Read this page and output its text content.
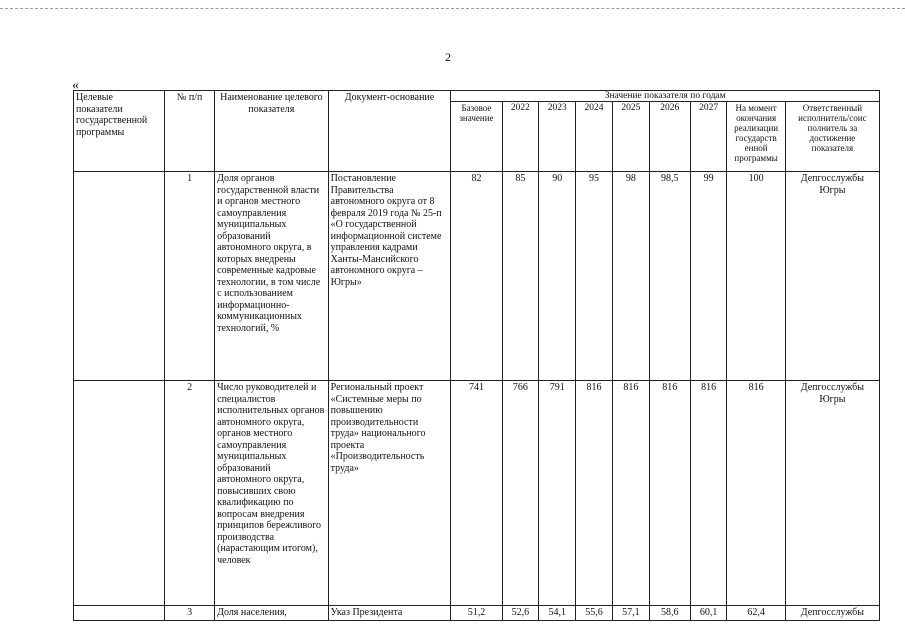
2
«
Целевые показатели государственной программы	№ п/п	Наименование целевого показателя	Документ-основание	Значение показателя по годам								
				Базовое значение	2022	2023	2024	2025	2026	2027	На момент окончания реализации государств енной программы	Ответственный исполнитель/соис полнитель за достижение показателя
	1	Доля органов государственной власти и органов местного самоуправления муниципальных образований автономного округа, в которых внедрены современные кадровые технологии, в том числе с использованием информационно-коммуникационных технологий, %	Постановление Правительства автономного округа от 8 февраля 2019 года № 25-п «О государственной информационной системе управления кадрами Ханты-Мансийского автономного округа – Югры»	82	85	90	95	98	98,5	99	100	Депгосслужбы Югры
	2	Число руководителей и специалистов исполнительных органов автономного округа, органов местного самоуправления муниципальных образований автономного округа, повысивших свою квалификацию по вопросам внедрения принципов бережливого производства (нарастающим итогом), человек	Региональный проект «Системные меры по повышению производительности труда» национального проекта «Производительность труда»	741	766	791	816	816	816	816	816	Депгосслужбы Югры
	3	Доля населения,	Указ Президента	51,2	52,6	54,1	55,6	57,1	58,6	60,1	62,4	Депгосслужбы
